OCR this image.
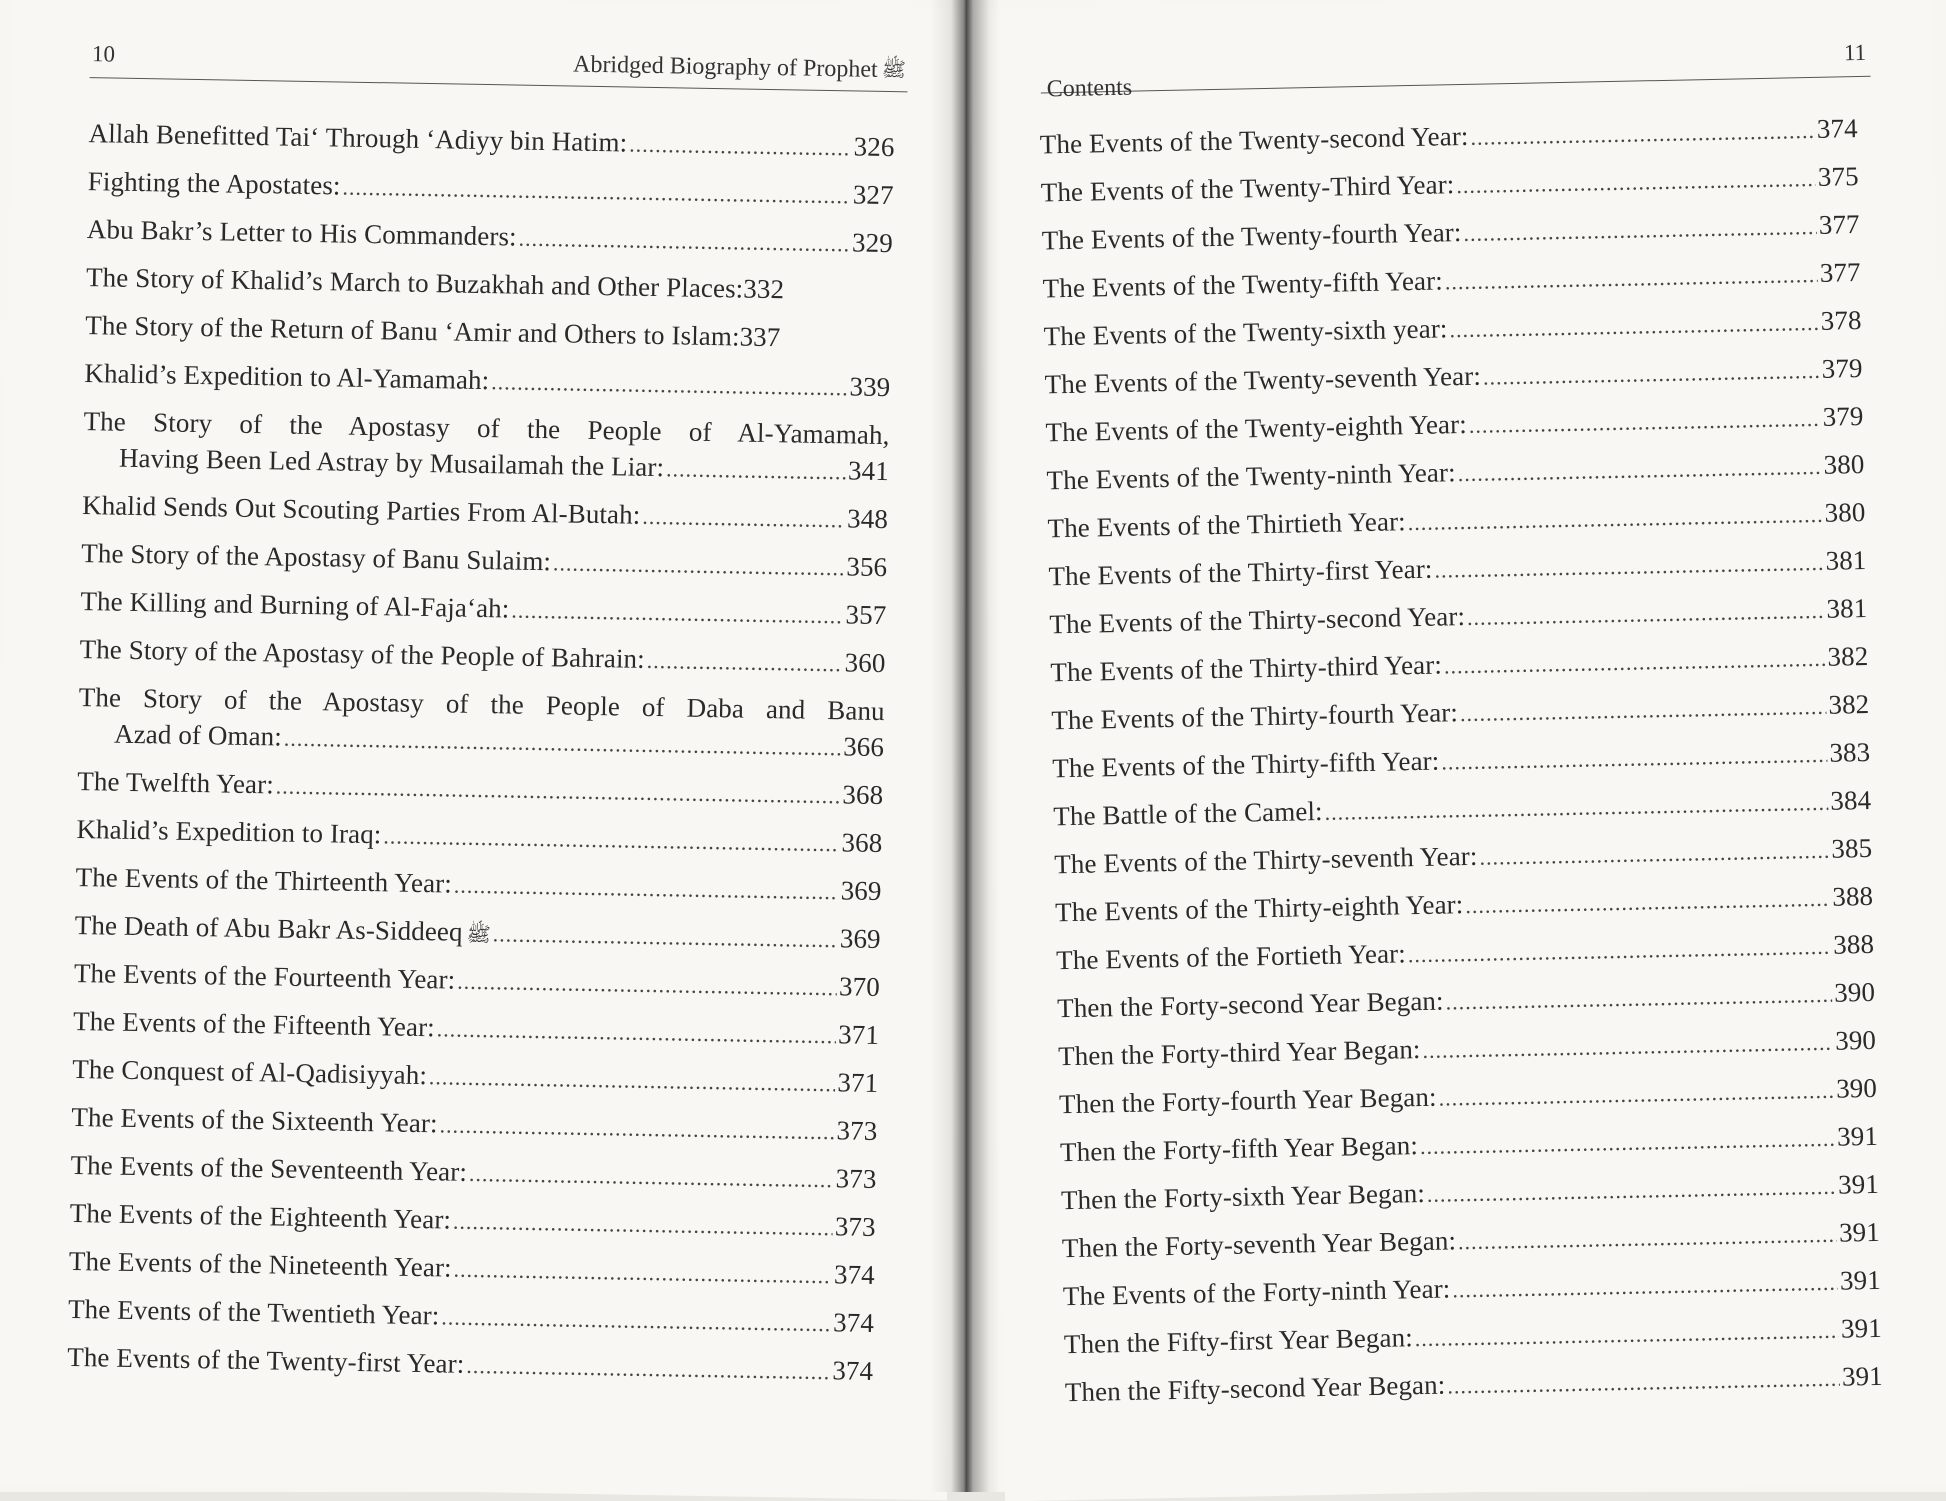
10	Abridged Biography of Prophet ﷺ
Allah Benefitted Tai‘ Through ‘Adiyy bin Hatim: .....	326
Fighting the Apostates: .....	327
Abu Bakr’s Letter to His Commanders: .....	329
The Story of Khalid’s March to Buzakhah and Other Places: 332
The Story of the Return of Banu ‘Amir and Others to Islam: 337
Khalid’s Expedition to Al-Yamamah: .....	339
The Story of the Apostasy of the People of Al-Yamamah,
Having Been Led Astray by Musailamah the Liar: .....	341
Khalid Sends Out Scouting Parties From Al-Butah: .....	348
The Story of the Apostasy of Banu Sulaim: .....	356
The Killing and Burning of Al-Faja‘ah: .....	357
The Story of the Apostasy of the People of Bahrain: .....	360
The Story of the Apostasy of the People of Daba and Banu
Azad of Oman: .....	366
The Twelfth Year: .....	368
Khalid’s Expedition to Iraq: .....	368
The Events of the Thirteenth Year: .....	369
The Death of Abu Bakr As-Siddeeq ﷺ .....	369
The Events of the Fourteenth Year: .....	370
The Events of the Fifteenth Year: .....	371
The Conquest of Al-Qadisiyyah: .....	371
The Events of the Sixteenth Year: .....	373
The Events of the Seventeenth Year: .....	373
The Events of the Eighteenth Year: .....	373
The Events of the Nineteenth Year: .....	374
The Events of the Twentieth Year: .....	374
The Events of the Twenty-first Year: .....	374
Contents
11
The Events of the Twenty-second Year: .....	374
The Events of the Twenty-Third Year: .....	375
The Events of the Twenty-fourth Year: .....	377
The Events of the Twenty-fifth Year: .....	377
The Events of the Twenty-sixth year: .....	378
The Events of the Twenty-seventh Year: .....	379
The Events of the Twenty-eighth Year: .....	379
The Events of the Twenty-ninth Year: .....	380
The Events of the Thirtieth Year: .....	380
The Events of the Thirty-first Year: .....	381
The Events of the Thirty-second Year: .....	381
The Events of the Thirty-third Year: .....	382
The Events of the Thirty-fourth Year: .....	382
The Events of the Thirty-fifth Year: .....	383
The Battle of the Camel: .....	384
The Events of the Thirty-seventh Year: .....	385
The Events of the Thirty-eighth Year: .....	388
The Events of the Fortieth Year: .....	388
Then the Forty-second Year Began: .....	390
Then the Forty-third Year Began: .....	390
Then the Forty-fourth Year Began: .....	390
Then the Forty-fifth Year Began: .....	391
Then the Forty-sixth Year Began: .....	391
Then the Forty-seventh Year Began: .....	391
The Events of the Forty-ninth Year: .....	391
Then the Fifty-first Year Began: .....	391
Then the Fifty-second Year Began: .....	391
